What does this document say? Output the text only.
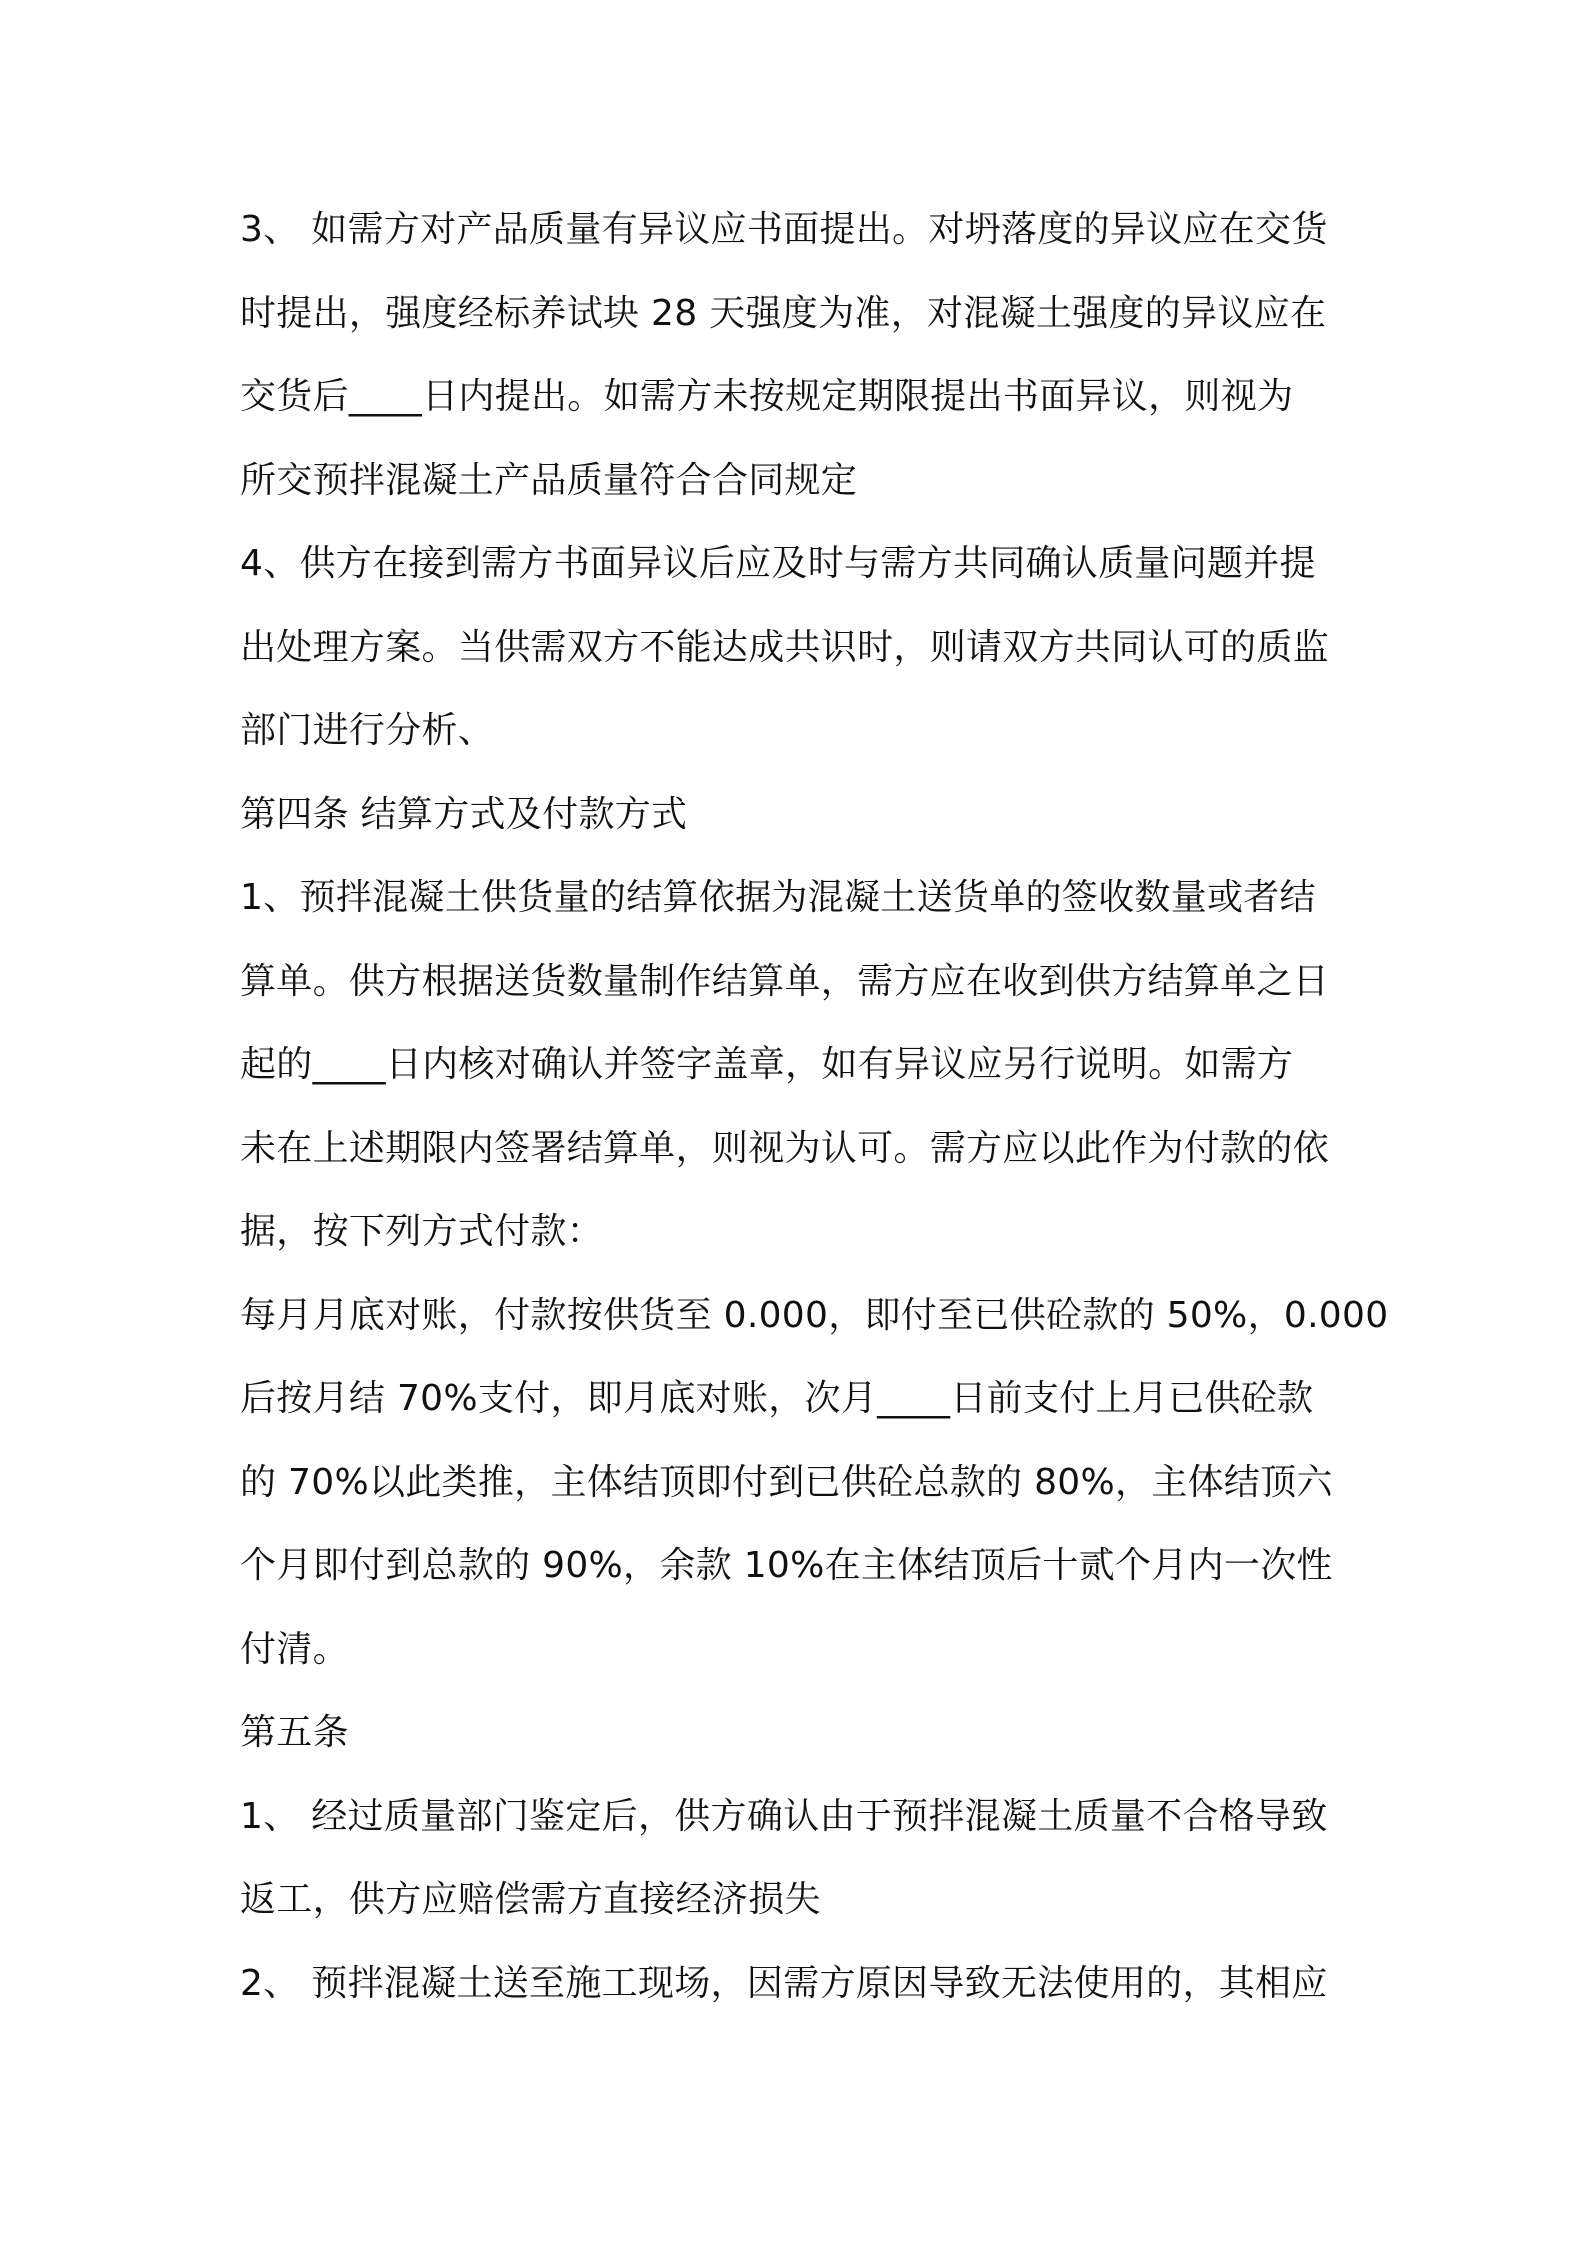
3、 如需方对产品质量有异议应书面提出。对坍落度的异议应在交货
时提出，强度经标养试块 28 天强度为准，对混凝土强度的异议应在
交货后____日内提出。如需方未按规定期限提出书面异议，则视为
所交预拌混凝土产品质量符合合同规定
4、供方在接到需方书面异议后应及时与需方共同确认质量问题并提
出处理方案。当供需双方不能达成共识时，则请双方共同认可的质监
部门进行分析、
第四条 结算方式及付款方式
1、预拌混凝土供货量的结算依据为混凝土送货单的签收数量或者结
算单。供方根据送货数量制作结算单，需方应在收到供方结算单之日
起的____日内核对确认并签字盖章，如有异议应另行说明。如需方
未在上述期限内签署结算单，则视为认可。需方应以此作为付款的依
据，按下列方式付款：
每月月底对账，付款按供货至 0.000，即付至已供砼款的 50%，0.000
后按月结 70%支付，即月底对账，次月____日前支付上月已供砼款
的 70%以此类推，主体结顶即付到已供砼总款的 80%，主体结顶六
个月即付到总款的 90%，余款 10%在主体结顶后十贰个月内一次性
付清。
第五条
1、 经过质量部门鉴定后，供方确认由于预拌混凝土质量不合格导致
返工，供方应赔偿需方直接经济损失
2、 预拌混凝土送至施工现场，因需方原因导致无法使用的，其相应
